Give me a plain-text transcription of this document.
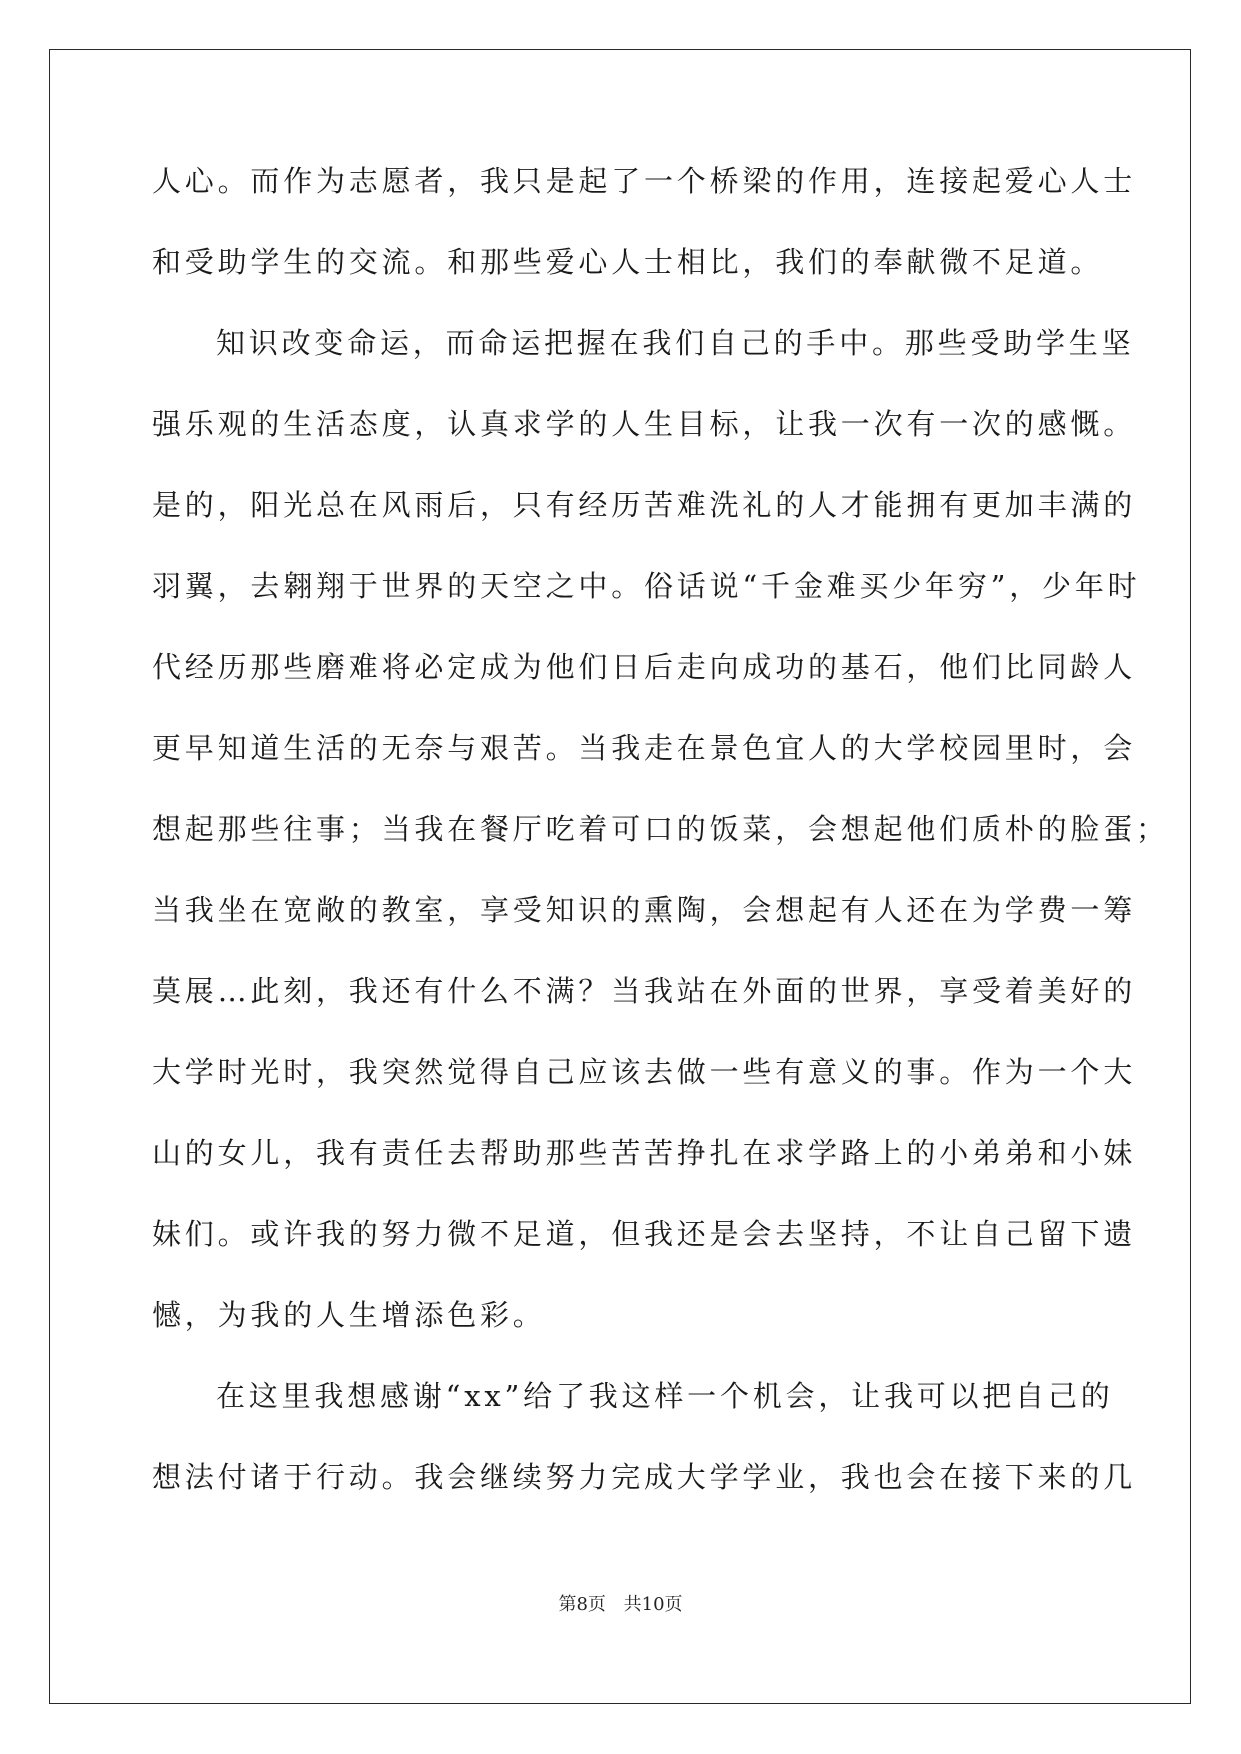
人心。而作为志愿者，我只是起了一个桥梁的作用，连接起爱心人士
和受助学生的交流。和那些爱心人士相比，我们的奉献微不足道。
知识改变命运，而命运把握在我们自己的手中。那些受助学生坚
强乐观的生活态度，认真求学的人生目标，让我一次有一次的感慨。
是的，阳光总在风雨后，只有经历苦难洗礼的人才能拥有更加丰满的
羽翼，去翱翔于世界的天空之中。俗话说“千金难买少年穷”，少年时
代经历那些磨难将必定成为他们日后走向成功的基石，他们比同龄人
更早知道生活的无奈与艰苦。当我走在景色宜人的大学校园里时，会
想起那些往事；当我在餐厅吃着可口的饭菜，会想起他们质朴的脸蛋；
当我坐在宽敞的教室，享受知识的熏陶，会想起有人还在为学费一筹
莫展…此刻，我还有什么不满？当我站在外面的世界，享受着美好的
大学时光时，我突然觉得自己应该去做一些有意义的事。作为一个大
山的女儿，我有责任去帮助那些苦苦挣扎在求学路上的小弟弟和小妹
妹们。或许我的努力微不足道，但我还是会去坚持，不让自己留下遗
憾，为我的人生增添色彩。
在这里我想感谢“xx”给了我这样一个机会，让我可以把自己的
想法付诸于行动。我会继续努力完成大学学业，我也会在接下来的几
第8页 共10页
